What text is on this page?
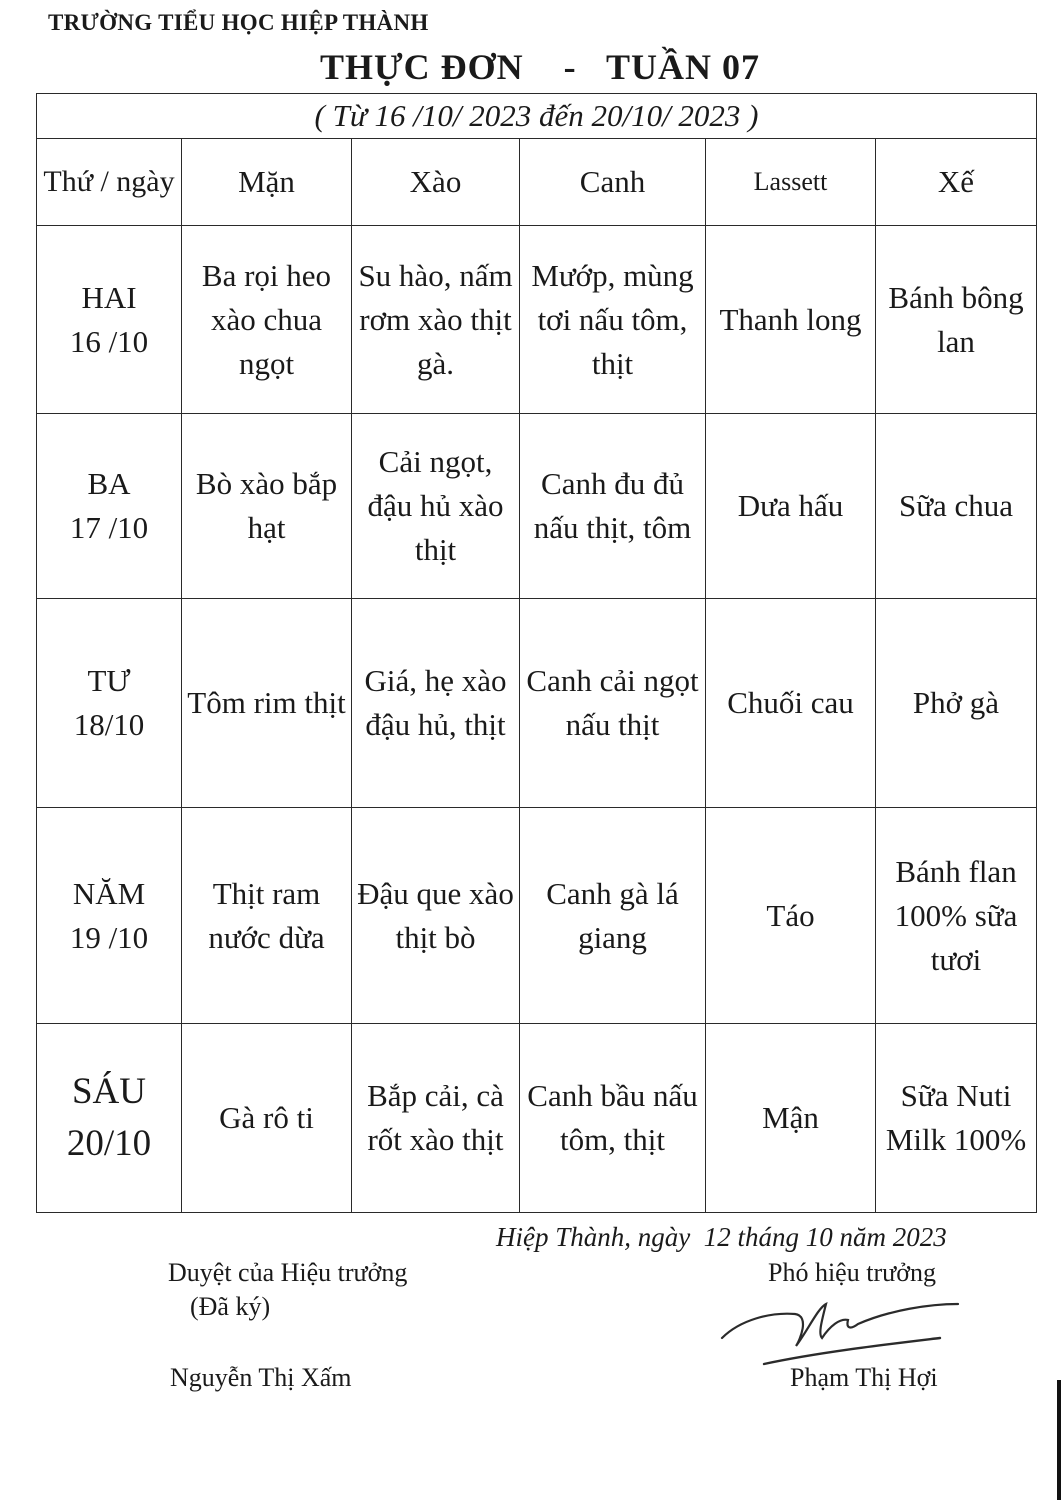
TRƯỜNG TIỂU HỌC HIỆP THÀNH
THỰC ĐƠN    -   TUẦN 07
( Từ 16 /10/ 2023 đến 20/10/ 2023 )					
Thứ / ngày	Mặn	Xào	Canh	Lassett	Xế

HAI
16 /10	Ba rọi heo xào chua ngọt	Su hào, nấm rơm xào thịt gà.	Mướp, mùng tơi nấu tôm, thịt	Thanh long	Bánh bông lan

BA
17 /10	Bò xào bắp hạt	Cải ngọt, đậu hủ xào thịt	Canh đu đủ nấu thịt, tôm	Dưa hấu	Sữa chua

TƯ
18/10	Tôm rim thịt	Giá, hẹ xào đậu hủ, thịt	Canh cải ngọt nấu thịt	Chuối cau	Phở gà

NĂM
19 /10	Thịt ram nước dừa	Đậu que xào thịt bò	Canh gà lá giang	Táo	Bánh flan 100% sữa tươi

SÁU
20/10	Gà rô ti	Bắp cải, cà rốt xào thịt	Canh bầu nấu tôm, thịt	Mận	Sữa Nuti Milk 100%
Hiệp Thành, ngày  12 tháng 10 năm 2023
Duyệt của Hiệu trưởng
(Đã ký)
Nguyễn Thị Xấm
Phó hiệu trưởng
Phạm Thị Hợi
